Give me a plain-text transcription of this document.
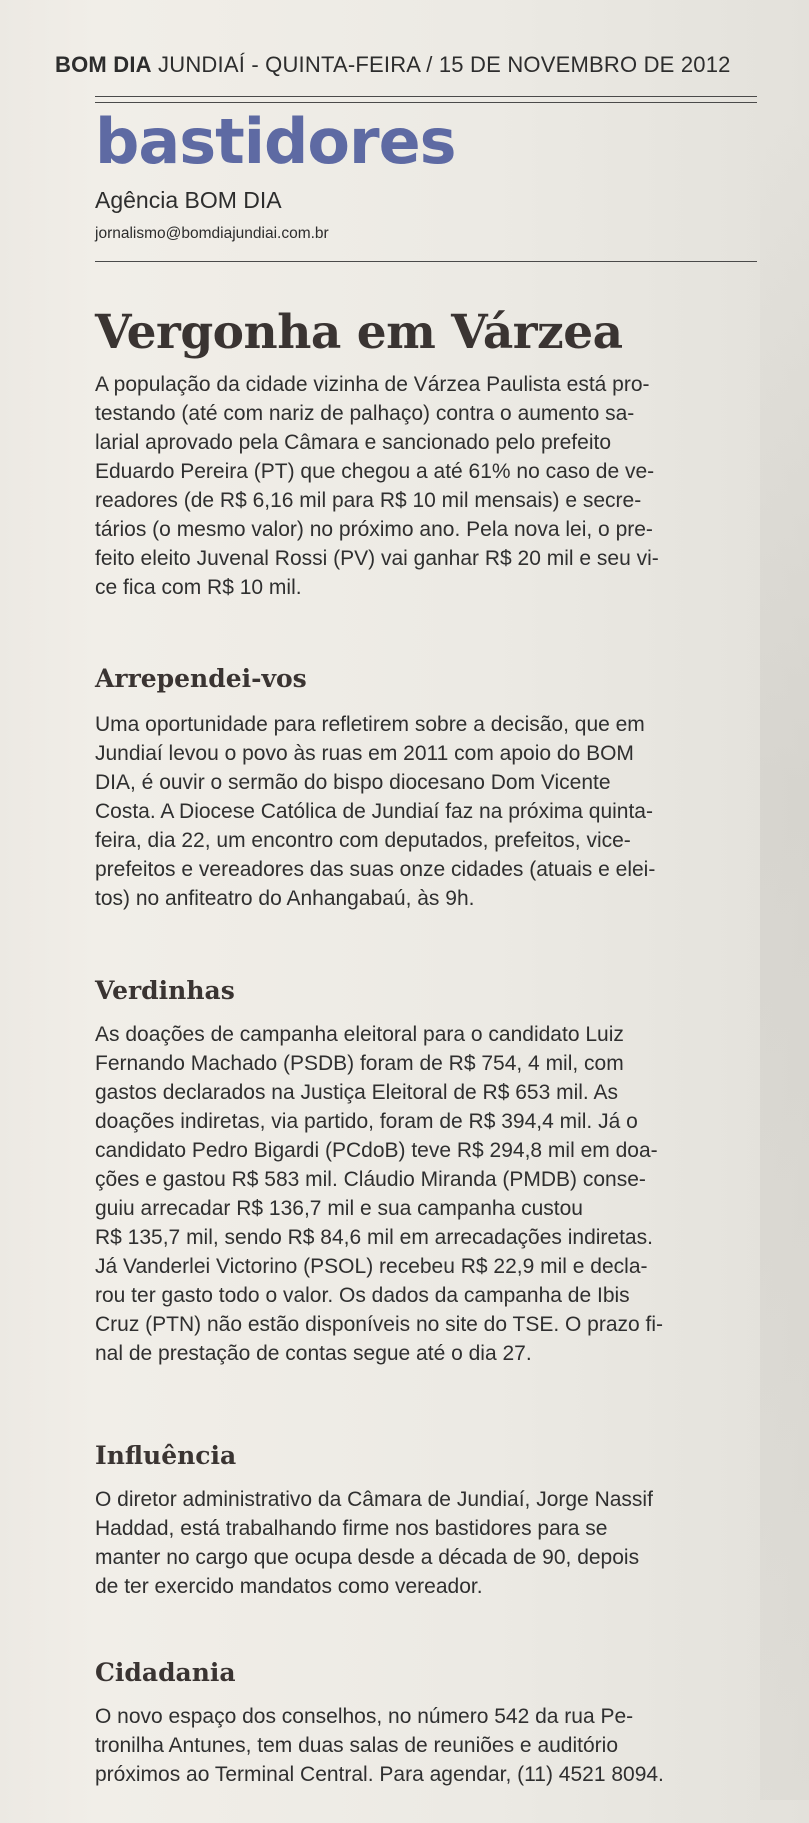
BOM DIA JUNDIAÍ - QUINTA-FEIRA / 15 DE NOVEMBRO DE 2012
bastidores
Agência BOM DIA
jornalismo@bomdiajundiai.com.br
Vergonha em Várzea

A população da cidade vizinha de Várzea Paulista está pro-
testando (até com nariz de palhaço) contra o aumento sa-
larial aprovado pela Câmara e sancionado pelo prefeito
Eduardo Pereira (PT) que chegou a até 61% no caso de ve-
readores (de R$ 6,16 mil para R$ 10 mil mensais) e secre-
tários (o mesmo valor) no próximo ano. Pela nova lei, o pre-
feito eleito Juvenal Rossi (PV) vai ganhar R$ 20 mil e seu vi-
ce fica com R$ 10 mil.

Arrependei-vos

Uma oportunidade para refletirem sobre a decisão, que em
Jundiaí levou o povo às ruas em 2011 com apoio do BOM
DIA, é ouvir o sermão do bispo diocesano Dom Vicente
Costa. A Diocese Católica de Jundiaí faz na próxima quinta-
feira, dia 22, um encontro com deputados, prefeitos, vice-
prefeitos e vereadores das suas onze cidades (atuais e elei-
tos) no anfiteatro do Anhangabaú, às 9h.

Verdinhas

As doações de campanha eleitoral para o candidato Luiz
Fernando Machado (PSDB) foram de R$ 754, 4 mil, com
gastos declarados na Justiça Eleitoral de R$ 653 mil. As
doações indiretas, via partido, foram de R$ 394,4 mil. Já o
candidato Pedro Bigardi (PCdoB) teve R$ 294,8 mil em doa-
ções e gastou R$ 583 mil. Cláudio Miranda (PMDB) conse-
guiu arrecadar R$ 136,7 mil e sua campanha custou
R$ 135,7 mil, sendo R$ 84,6 mil em arrecadações indiretas.
Já Vanderlei Victorino (PSOL) recebeu R$ 22,9 mil e decla-
rou ter gasto todo o valor. Os dados da campanha de Ibis
Cruz (PTN) não estão disponíveis no site do TSE. O prazo fi-
nal de prestação de contas segue até o dia 27.

Influência

O diretor administrativo da Câmara de Jundiaí, Jorge Nassif
Haddad, está trabalhando firme nos bastidores para se
manter no cargo que ocupa desde a década de 90, depois
de ter exercido mandatos como vereador.

Cidadania

O novo espaço dos conselhos, no número 542 da rua Pe-
tronilha Antunes, tem duas salas de reuniões e auditório
próximos ao Terminal Central. Para agendar, (11) 4521 8094.
